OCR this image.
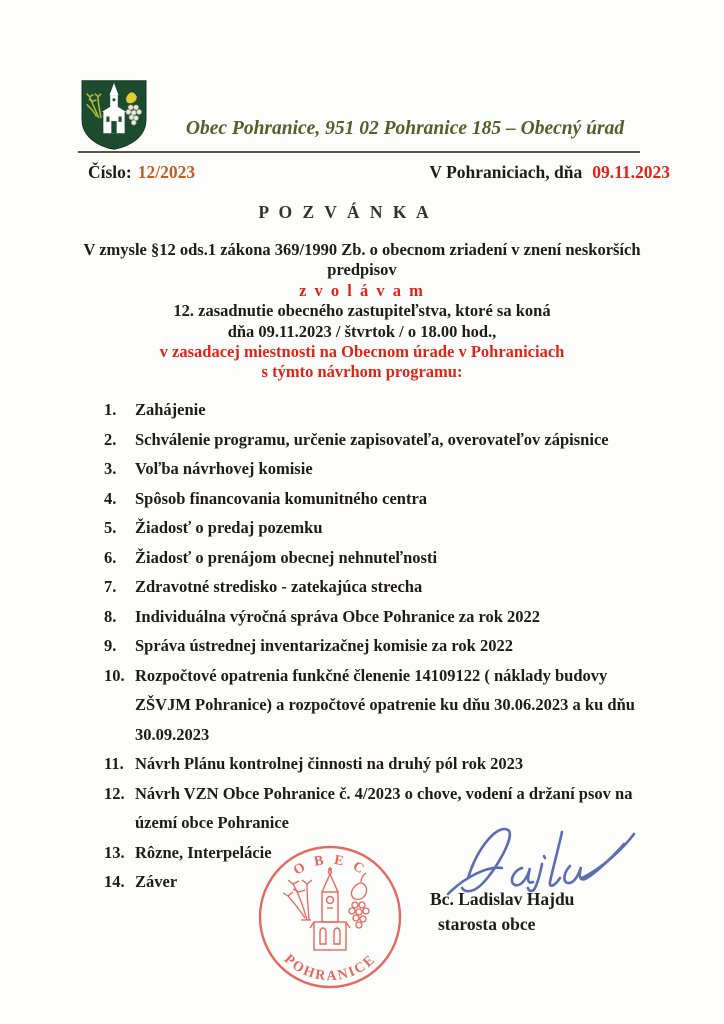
Obec Pohranice, 951 02 Pohranice 185 – Obecný úrad
Číslo: 12/2023	V Pohraniciach, dňa 09.11.2023
P O Z V Á N K A
V zmysle §12 ods.1 zákona 369/1990 Zb. o obecnom zriadení v znení neskorších
predpisov
z v o l á v a m
12. zasadnutie obecného zastupiteľstva, ktoré sa koná
dňa 09.11.2023 / štvrtok / o 18.00 hod.,
v zasadacej miestnosti na Obecnom úrade v Pohraniciach
s týmto návrhom programu:
1.	Zahájenie
2.	Schválenie programu, určenie zapisovateľa, overovateľov zápisnice
3.	Voľba návrhovej komisie
4.	Spôsob financovania komunitného centra
5.	Žiadosť o predaj pozemku
6.	Žiadosť o prenájom obecnej nehnuteľnosti
7.	Zdravotné stredisko - zatekajúca strecha
8.	Individuálna výročná správa Obce Pohranice za rok 2022
9.	Správa ústrednej inventarizačnej komisie za rok 2022
10. Rozpočtové opatrenia funkčné členenie 14109122 ( náklady budovy ZŠVJM Pohranice) a rozpočtové opatrenie ku dňu 30.06.2023 a ku dňu 30.09.2023
11. Návrh Plánu kontrolnej činnosti na druhý pól rok 2023
12. Návrh VZN Obce Pohranice č. 4/2023 o chove, vodení a držaní psov na území obce Pohranice
13. Rôzne, Interpelácie
14. Záver
O B E C
POHRANICE
Bc. Ladislav Hajdu
starosta obce
